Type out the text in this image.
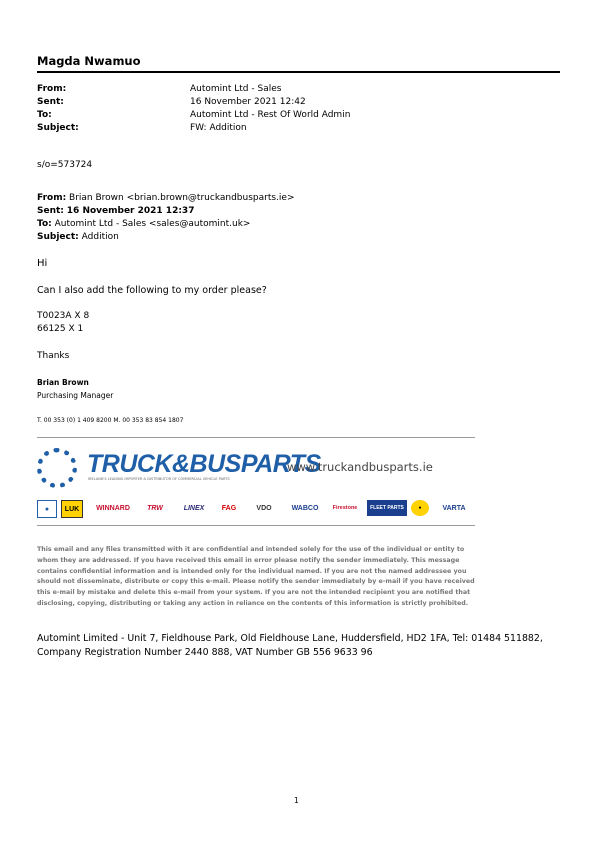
Magda Nwamuo
From:	Automint Ltd - Sales
Sent:	16 November 2021 12:42
To:	Automint Ltd - Rest Of World Admin
Subject:	FW: Addition
s/o=573724
From: Brian Brown <brian.brown@truckandbusparts.ie>
Sent: 16 November 2021 12:37
To: Automint Ltd - Sales <sales@automint.uk>
Subject: Addition
Hi
Can I also add the following to my order please?
T0023A X 8
66125 X 1
Thanks
Brian Brown
Purchasing Manager
T. 00 353 (0) 1 409 8200 M. 00 353 83 854 1807
TRUCK&BUSPARTS
IRELAND'S LEADING IMPORTER & DISTRIBUTOR OF COMMERCIAL VEHICLE PARTS
www.truckandbusparts.ie
●	LUK	WINNARD	TRW	LINEX	FAG	VDO	WABCO	Firestone	FLEET PARTS	●	VARTA
This email and any files transmitted with it are confidential and intended solely for the use of the individual or entity to whom they are addressed. If you have received this email in error please notify the sender immediately. This message contains confidential information and is intended only for the individual named. If you are not the named addressee you should not disseminate, distribute or copy this e-mail. Please notify the sender immediately by e-mail if you have received this e-mail by mistake and delete this e-mail from your system. If you are not the intended recipient you are notified that disclosing, copying, distributing or taking any action in reliance on the contents of this information is strictly prohibited.
Automint Limited - Unit 7, Fieldhouse Park, Old Fieldhouse Lane, Huddersfield, HD2 1FA, Tel: 01484 511882,
Company Registration Number 2440 888, VAT Number GB 556 9633 96
1
